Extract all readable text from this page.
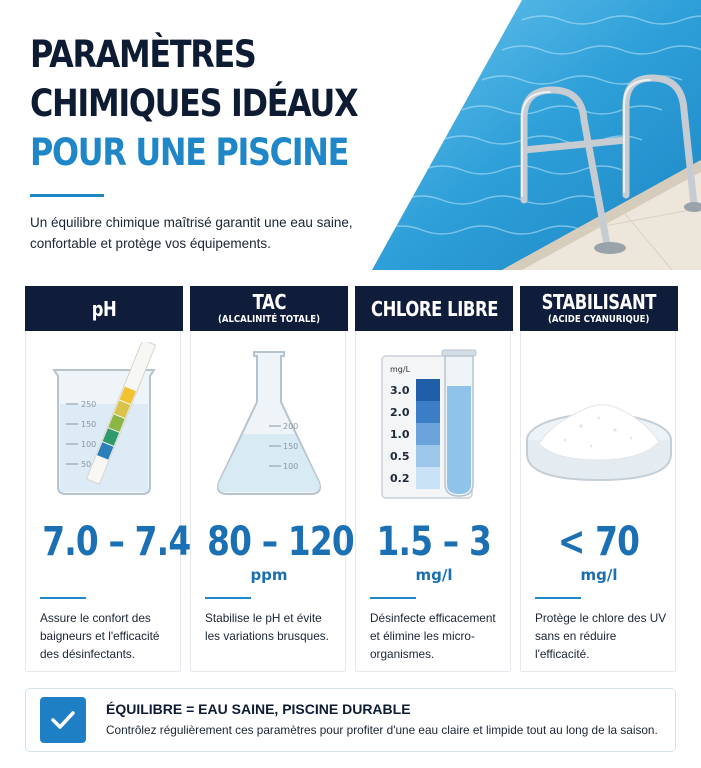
PARAMÈTRES
CHIMIQUES IDÉAUX
POUR UNE PISCINE
Un équilibre chimique maîtrisé garantit une eau saine,
confortable et protège vos équipements.
pH
250
150
100
50
7.0 – 7.4
Assure le confort des baigneurs et l'efficacité des désinfectants.
TAC
(ALCALINITÉ TOTALE)
200
150
100
80 – 120
ppm
Stabilise le pH et évite les variations brusques.
CHLORE LIBRE
mg/L
3.0
2.0
1.0
0.5
0.2
1.5 – 3
mg/l
Désinfecte efficacement et élimine les micro-organismes.
STABILISANT
(ACIDE CYANURIQUE)
< 70
mg/l
Protège le chlore des UV sans en réduire l'efficacité.
ÉQUILIBRE = EAU SAINE, PISCINE DURABLE
Contrôlez régulièrement ces paramètres pour profiter d'une eau claire et limpide tout au long de la saison.
